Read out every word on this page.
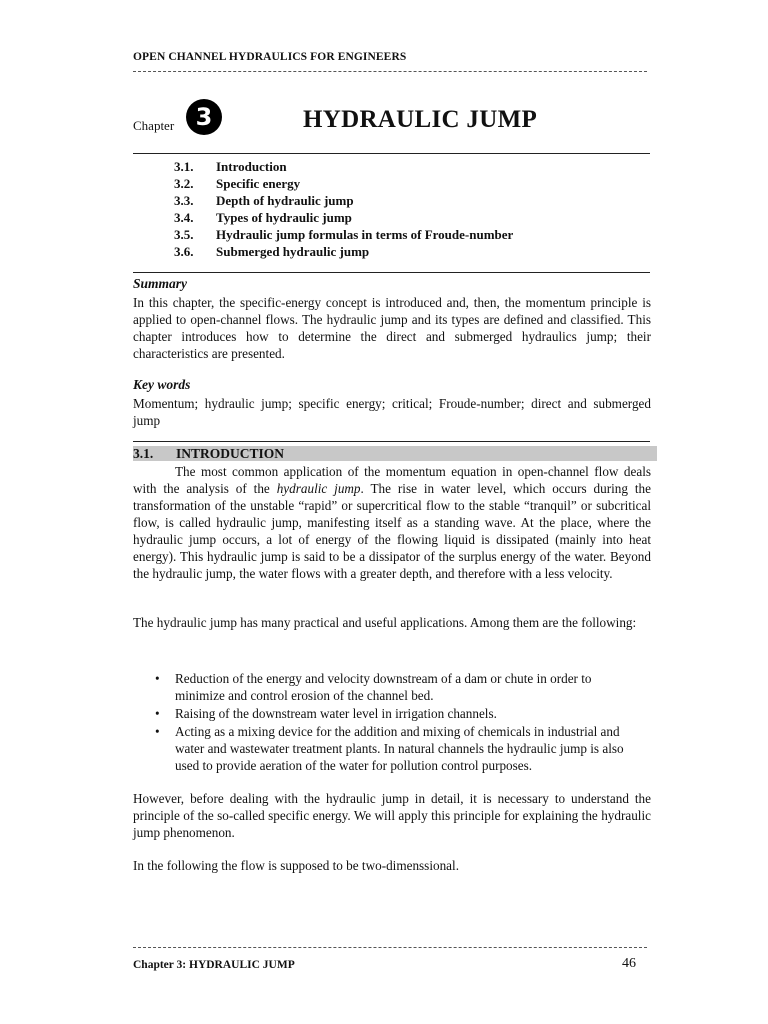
OPEN CHANNEL HYDRAULICS FOR ENGINEERS
Chapter 3	HYDRAULIC JUMP
3.1.	Introduction
3.2.	Specific energy
3.3.	Depth of hydraulic jump
3.4.	Types of hydraulic jump
3.5.	Hydraulic jump formulas in terms of Froude-number
3.6.	Submerged hydraulic jump
Summary
In this chapter, the specific-energy concept is introduced and, then, the momentum principle is applied to open-channel flows. The hydraulic jump and its types are defined and classified. This chapter introduces how to determine the direct and submerged hydraulics jump; their characteristics are presented.
Key words
Momentum; hydraulic jump; specific energy; critical; Froude-number; direct and submerged jump
3.1. INTRODUCTION
The most common application of the momentum equation in open-channel flow deals with the analysis of the hydraulic jump. The rise in water level, which occurs during the transformation of the unstable “rapid” or supercritical flow to the stable “tranquil” or subcritical flow, is called hydraulic jump, manifesting itself as a standing wave. At the place, where the hydraulic jump occurs, a lot of energy of the flowing liquid is dissipated (mainly into heat energy). This hydraulic jump is said to be a dissipator of the surplus energy of the water. Beyond the hydraulic jump, the water flows with a greater depth, and therefore with a less velocity.
The hydraulic jump has many practical and useful applications. Among them are the following:
•	Reduction of the energy and velocity downstream of a dam or chute in order to minimize and control erosion of the channel bed.
•	Raising of the downstream water level in irrigation channels.
•	Acting as a mixing device for the addition and mixing of chemicals in industrial and water and wastewater treatment plants. In natural channels the hydraulic jump is also used to provide aeration of the water for pollution control purposes.
However, before dealing with the hydraulic jump in detail, it is necessary to understand the principle of the so-called specific energy. We will apply this principle for explaining the hydraulic jump phenomenon.
In the following the flow is supposed to be two-dimenssional.
Chapter 3: HYDRAULIC JUMP	46
